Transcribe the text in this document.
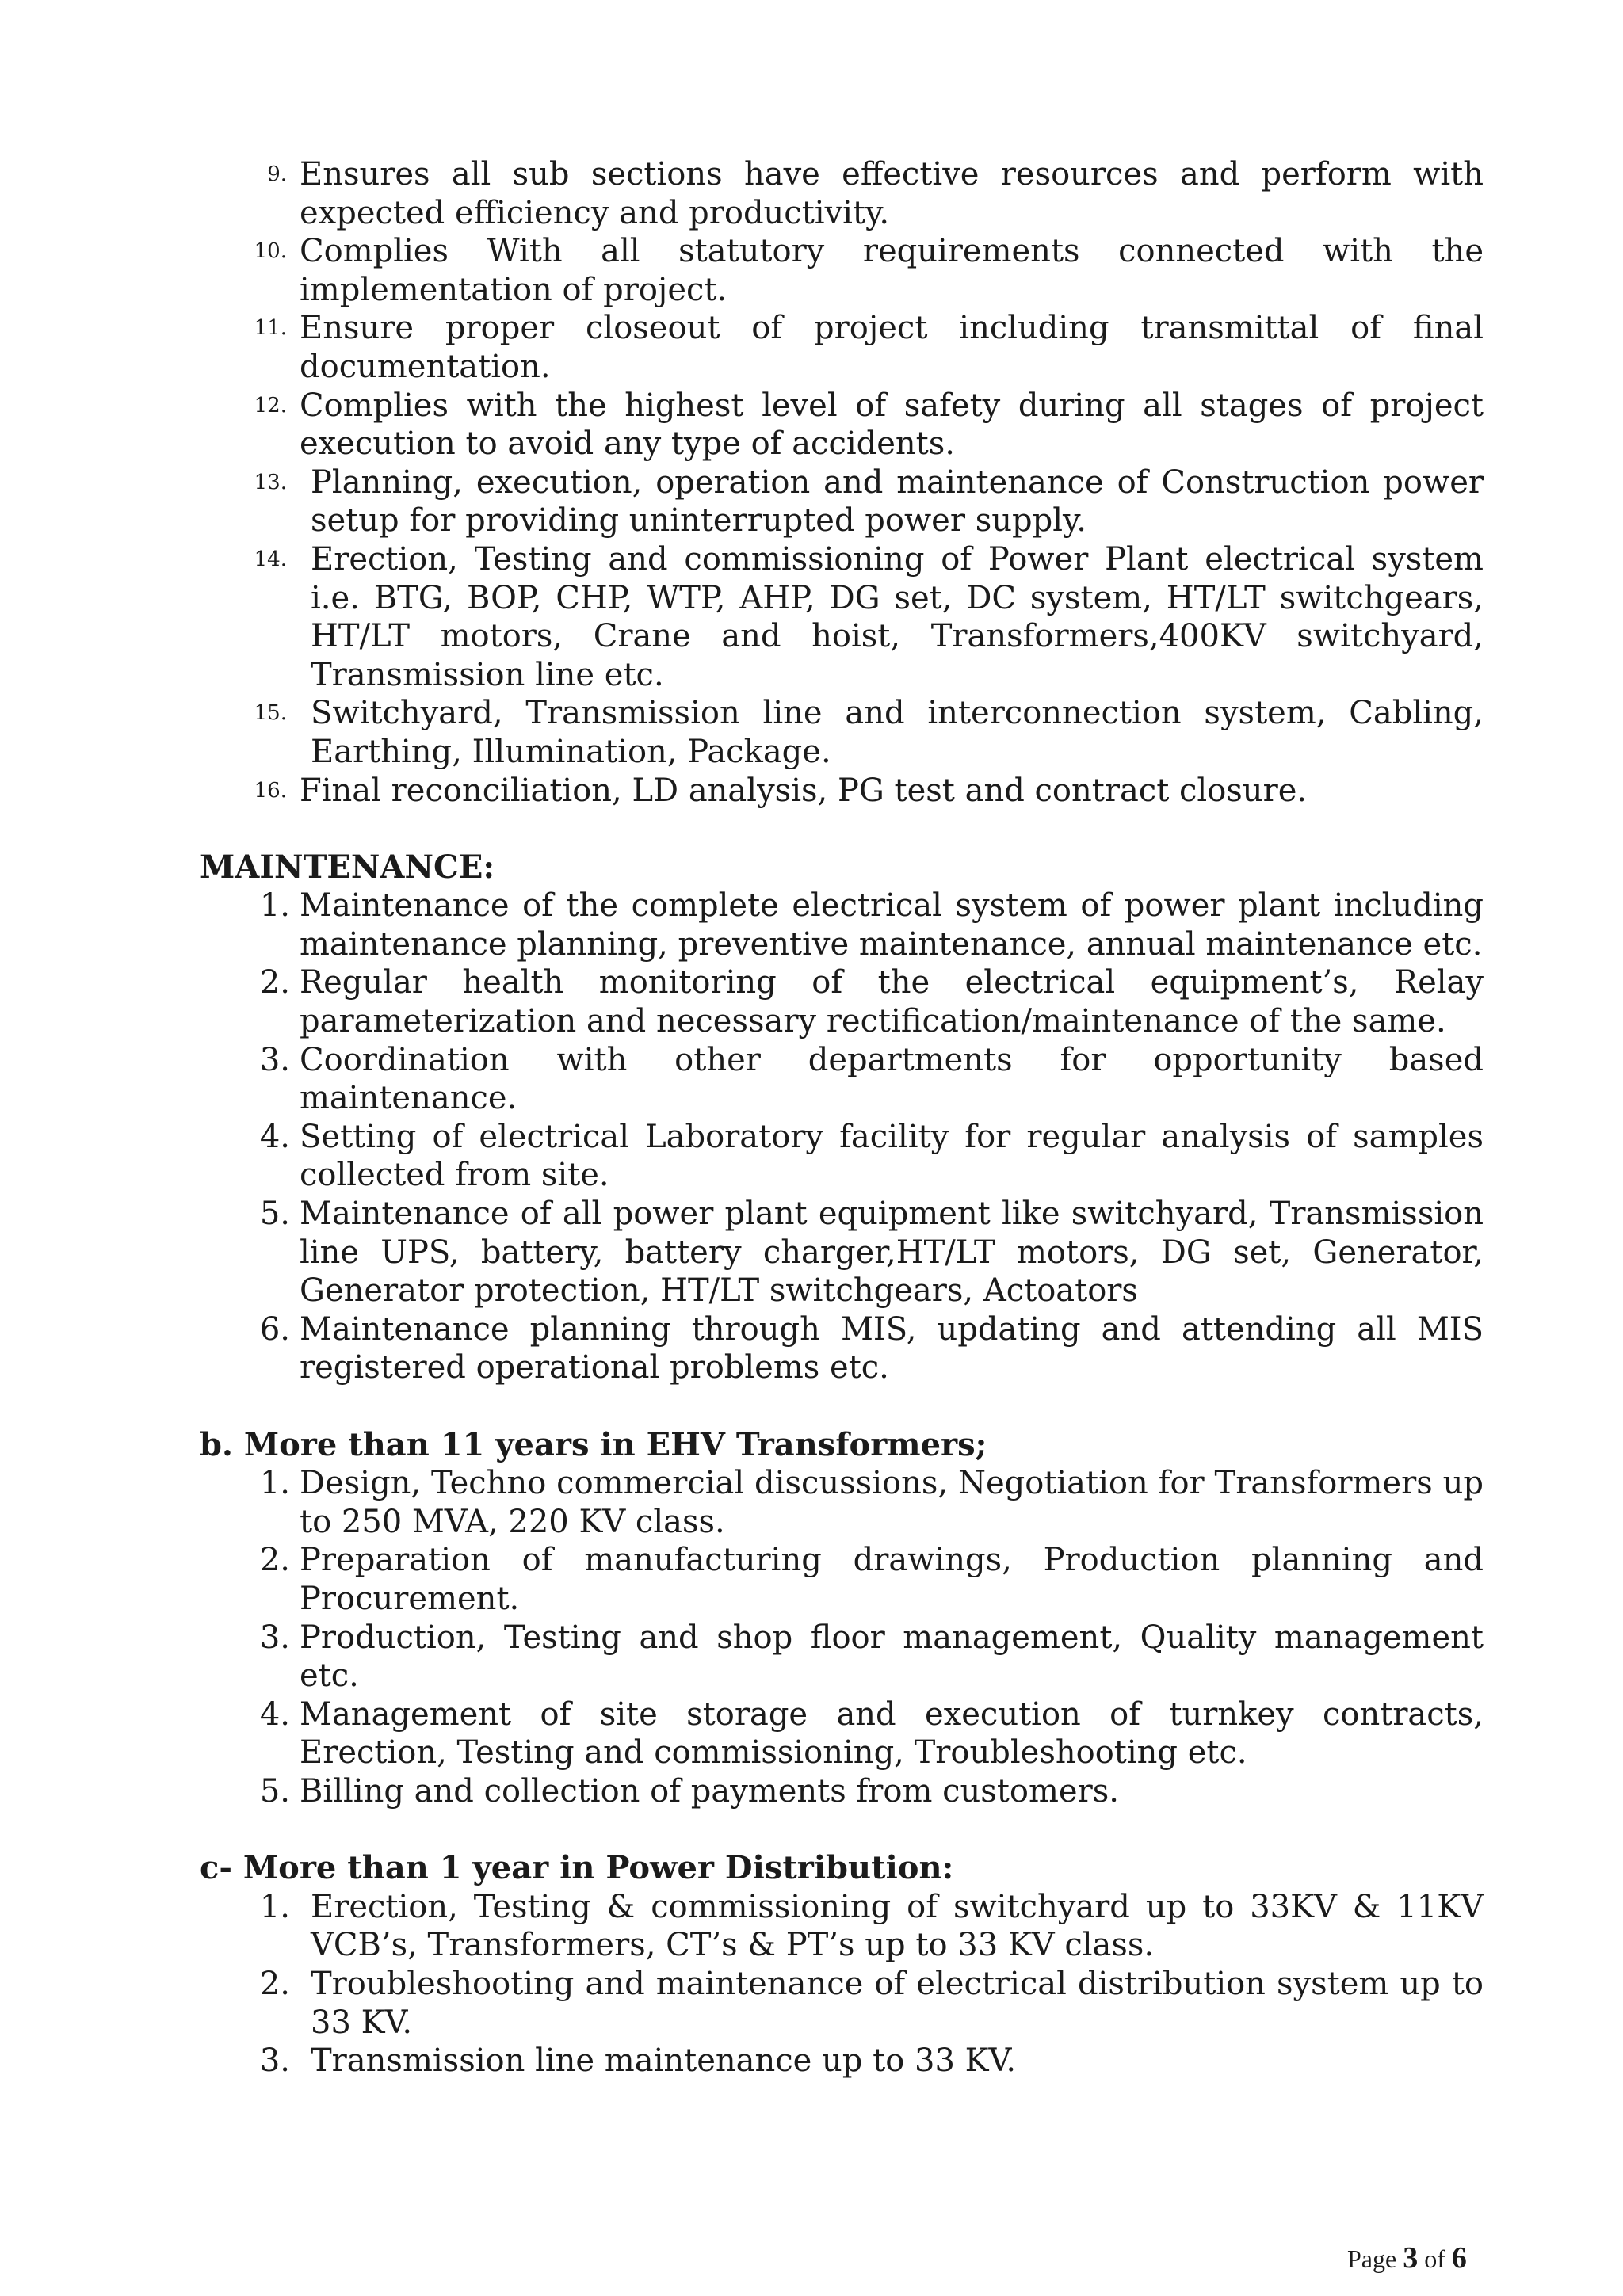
9. Ensures all sub sections have effective resources and perform with expected efficiency and productivity.
10. Complies With all statutory requirements connected with the implementation of project.
11. Ensure proper closeout of project including transmittal of final documentation.
12. Complies with the highest level of safety during all stages of project execution to avoid any type of accidents.
13. Planning, execution, operation and maintenance of Construction power setup for providing uninterrupted power supply.
14. Erection, Testing and commissioning of Power Plant electrical system i.e. BTG, BOP, CHP, WTP, AHP, DG set, DC system, HT/LT switchgears, HT/LT motors, Crane and hoist, Transformers,400KV switchyard, Transmission line etc.
15. Switchyard, Transmission line and interconnection system, Cabling, Earthing, Illumination, Package.
16. Final reconciliation, LD analysis, PG test and contract closure.

MAINTENANCE:

1. Maintenance of the complete electrical system of power plant including maintenance planning, preventive maintenance, annual maintenance etc.
2. Regular health monitoring of the electrical equipment’s, Relay parameterization and necessary rectification/maintenance of the same.
3. Coordination with other departments for opportunity based maintenance.
4. Setting of electrical Laboratory facility for regular analysis of samples collected from site.
5. Maintenance of all power plant equipment like switchyard, Transmission line UPS, battery, battery charger,HT/LT motors, DG set, Generator, Generator protection, HT/LT switchgears, Actoators
6. Maintenance planning through MIS, updating and attending all MIS registered operational problems etc.

b. More than 11 years in EHV Transformers;

1. Design, Techno commercial discussions, Negotiation for Transformers up to 250 MVA, 220 KV class.
2. Preparation of manufacturing drawings, Production planning and Procurement.
3. Production, Testing and shop floor management, Quality management etc.
4. Management of site storage and execution of turnkey contracts, Erection, Testing and commissioning, Troubleshooting etc.
5. Billing and collection of payments from customers.

c- More than 1 year in Power Distribution:

1. Erection, Testing & commissioning of switchyard up to 33KV & 11KV VCB’s, Transformers, CT’s & PT’s up to 33 KV class.
2. Troubleshooting and maintenance of electrical distribution system up to 33 KV.
3. Transmission line maintenance up to 33 KV.
Page 3 of 6
